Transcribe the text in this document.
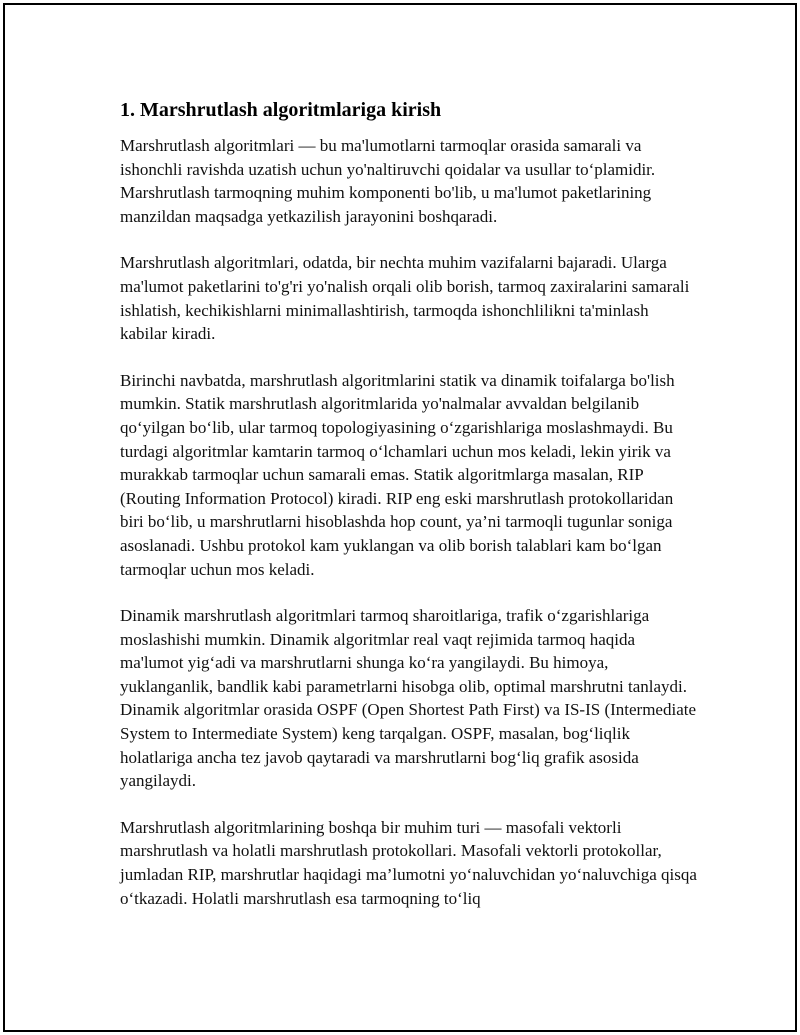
1. Marshrutlash algoritmlariga kirish

Marshrutlash algoritmlari — bu ma'lumotlarni tarmoqlar orasida samarali va ishonchli ravishda uzatish uchun yo'naltiruvchi qoidalar va usullar to‘plamidir. Marshrutlash tarmoqning muhim komponenti bo'lib, u ma'lumot paketlarining manzildan maqsadga yetkazilish jarayonini boshqaradi.

Marshrutlash algoritmlari, odatda, bir nechta muhim vazifalarni bajaradi. Ularga ma'lumot paketlarini to'g'ri yo'nalish orqali olib borish, tarmoq zaxiralarini samarali ishlatish, kechikishlarni minimallashtirish, tarmoqda ishonchlilikni ta'minlash kabilar kiradi.

Birinchi navbatda, marshrutlash algoritmlarini statik va dinamik toifalarga bo'lish mumkin. Statik marshrutlash algoritmlarida yo'nalmalar avvaldan belgilanib qo‘yilgan bo‘lib, ular tarmoq topologiyasining o‘zgarishlariga moslashmaydi. Bu turdagi algoritmlar kamtarin tarmoq o‘lchamlari uchun mos keladi, lekin yirik va murakkab tarmoqlar uchun samarali emas. Statik algoritmlarga masalan, RIP (Routing Information Protocol) kiradi. RIP eng eski marshrutlash protokollaridan biri bo‘lib, u marshrutlarni hisoblashda hop count, ya’ni tarmoqli tugunlar soniga asoslanadi. Ushbu protokol kam yuklangan va olib borish talablari kam bo‘lgan tarmoqlar uchun mos keladi.

Dinamik marshrutlash algoritmlari tarmoq sharoitlariga, trafik o‘zgarishlariga moslashishi mumkin. Dinamik algoritmlar real vaqt rejimida tarmoq haqida ma'lumot yig‘adi va marshrutlarni shunga ko‘ra yangilaydi. Bu himoya, yuklanganlik, bandlik kabi parametrlarni hisobga olib, optimal marshrutni tanlaydi. Dinamik algoritmlar orasida OSPF (Open Shortest Path First) va IS-IS (Intermediate System to Intermediate System) keng tarqalgan. OSPF, masalan, bog‘liqlik holatlariga ancha tez javob qaytaradi va marshrutlarni bog‘liq grafik asosida yangilaydi.

Marshrutlash algoritmlarining boshqa bir muhim turi — masofali vektorli marshrutlash va holatli marshrutlash protokollari. Masofali vektorli protokollar, jumladan RIP, marshrutlar haqidagi ma’lumotni yo‘naluvchidan yo‘naluvchiga qisqa o‘tkazadi. Holatli marshrutlash esa tarmoqning to‘liq
